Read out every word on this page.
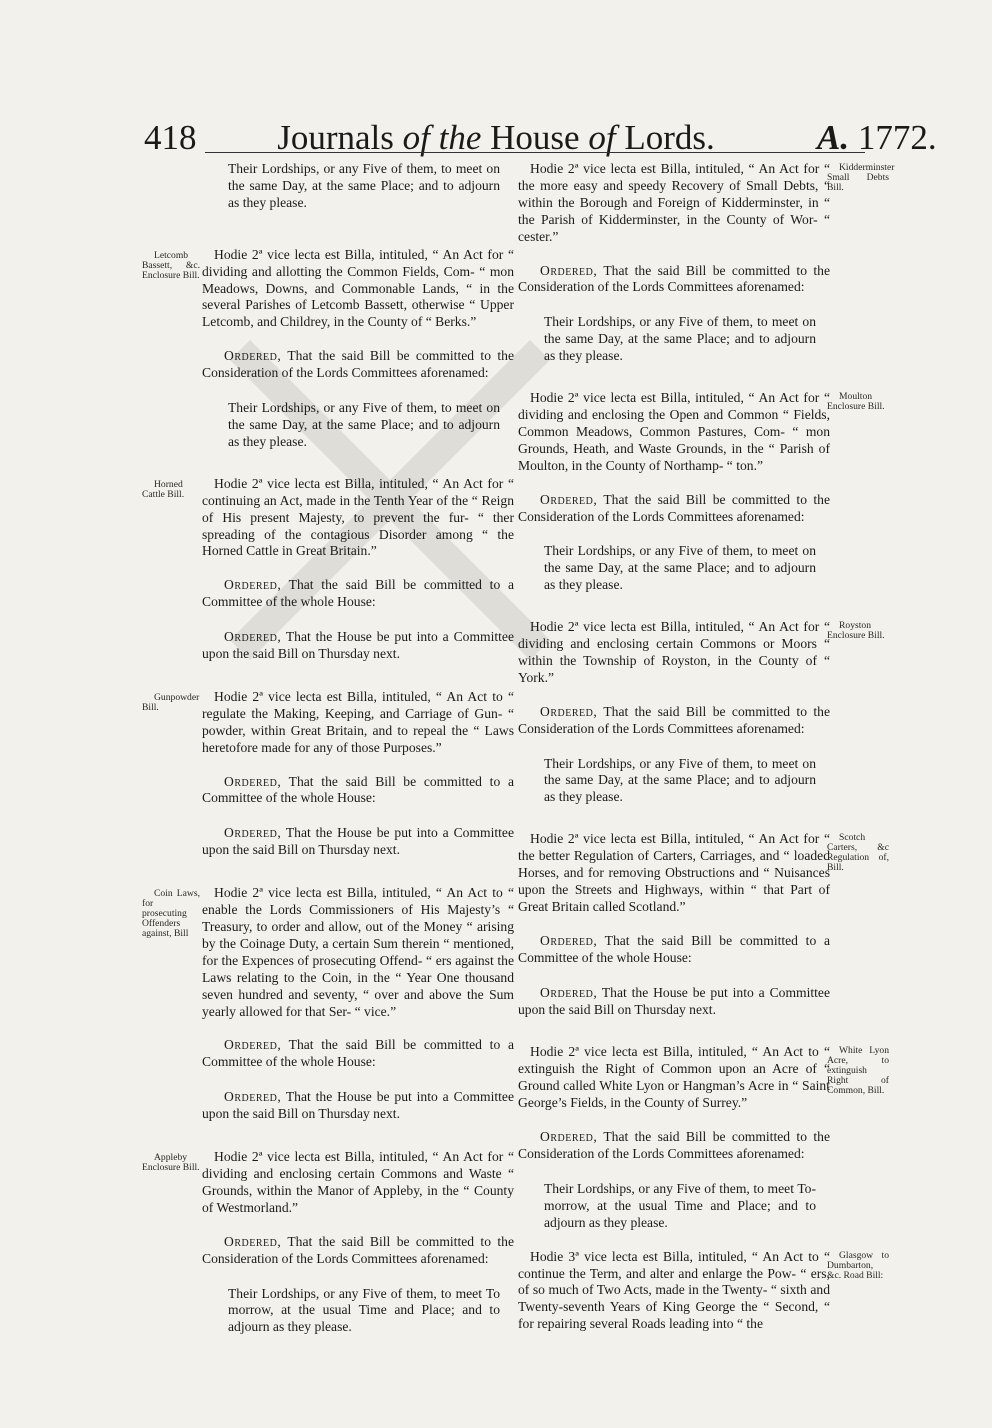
418	Journals of the House of Lords.	A. 1772.

Their Lordships, or any Five of them, to meet on the same Day, at the same Place; and to adjourn as they please.

Letcomb Bassett, &c. Enclosure Bill.
Hodie 2ª vice lecta est Billa, intituled, “ An Act for “ dividing and allotting the Common Fields, Com- “ mon Meadows, Downs, and Commonable Lands, “ in the several Parishes of Letcomb Bassett, otherwise “ Upper Letcomb, and Childrey, in the County of “ Berks.”

Ordered, That the said Bill be committed to the Consideration of the Lords Committees aforenamed:

Their Lordships, or any Five of them, to meet on the same Day, at the same Place; and to adjourn as they please.

Horned Cattle Bill.
Hodie 2ª vice lecta est Billa, intituled, “ An Act for “ continuing an Act, made in the Tenth Year of the “ Reign of His present Majesty, to prevent the fur- “ ther spreading of the contagious Disorder among “ the Horned Cattle in Great Britain.”

Ordered, That the said Bill be committed to a Committee of the whole House:

Ordered, That the House be put into a Committee upon the said Bill on Thursday next.

Gunpowder Bill.
Hodie 2ª vice lecta est Billa, intituled, “ An Act to “ regulate the Making, Keeping, and Carriage of Gun- “ powder, within Great Britain, and to repeal the “ Laws heretofore made for any of those Purposes.”

Ordered, That the said Bill be committed to a Committee of the whole House:

Ordered, That the House be put into a Committee upon the said Bill on Thursday next.

Coin Laws, for prosecuting Offenders against, Bill
Hodie 2ª vice lecta est Billa, intituled, “ An Act to “ enable the Lords Commissioners of His Majesty’s “ Treasury, to order and allow, out of the Money “ arising by the Coinage Duty, a certain Sum therein “ mentioned, for the Expences of prosecuting Offend- “ ers against the Laws relating to the Coin, in the “ Year One thousand seven hundred and seventy, “ over and above the Sum yearly allowed for that Ser- “ vice.”

Ordered, That the said Bill be committed to a Committee of the whole House:

Ordered, That the House be put into a Committee upon the said Bill on Thursday next.

Appleby Enclosure Bill.
Hodie 2ª vice lecta est Billa, intituled, “ An Act for “ dividing and enclosing certain Commons and Waste “ Grounds, within the Manor of Appleby, in the “ County of Westmorland.”

Ordered, That the said Bill be committed to the Consideration of the Lords Committees aforenamed:

Their Lordships, or any Five of them, to meet To morrow, at the usual Time and Place; and to adjourn as they please.

Kidderminster Small Debts Bill.
Hodie 2ª vice lecta est Billa, intituled, “ An Act for “ the more easy and speedy Recovery of Small Debts, “ within the Borough and Foreign of Kidderminster, in “ the Parish of Kidderminster, in the County of Wor- “ cester.”

Ordered, That the said Bill be committed to the Consideration of the Lords Committees aforenamed:

Their Lordships, or any Five of them, to meet on the same Day, at the same Place; and to adjourn as they please.

Moulton Enclosure Bill.
Hodie 2ª vice lecta est Billa, intituled, “ An Act for “ dividing and enclosing the Open and Common “ Fields, Common Meadows, Common Pastures, Com- “ mon Grounds, Heath, and Waste Grounds, in the “ Parish of Moulton, in the County of Northamp- “ ton.”

Ordered, That the said Bill be committed to the Consideration of the Lords Committees aforenamed:

Their Lordships, or any Five of them, to meet on the same Day, at the same Place; and to adjourn as they please.

Royston Enclosure Bill.
Hodie 2ª vice lecta est Billa, intituled, “ An Act for “ dividing and enclosing certain Commons or Moors “ within the Township of Royston, in the County of “ York.”

Ordered, That the said Bill be committed to the Consideration of the Lords Committees aforenamed:

Their Lordships, or any Five of them, to meet on the same Day, at the same Place; and to adjourn as they please.

Scotch Carters, &c Regulation of, Bill.
Hodie 2ª vice lecta est Billa, intituled, “ An Act for “ the better Regulation of Carters, Carriages, and “ loaded Horses, and for removing Obstructions and “ Nuisances upon the Streets and Highways, within “ that Part of Great Britain called Scotland.”

Ordered, That the said Bill be committed to a Committee of the whole House:

Ordered, That the House be put into a Committee upon the said Bill on Thursday next.

White Lyon Acre, to extinguish Right of Common, Bill.
Hodie 2ª vice lecta est Billa, intituled, “ An Act to “ extinguish the Right of Common upon an Acre of “ Ground called White Lyon or Hangman’s Acre in “ Saint George’s Fields, in the County of Surrey.”

Ordered, That the said Bill be committed to the Consideration of the Lords Committees aforenamed:

Their Lordships, or any Five of them, to meet To-morrow, at the usual Time and Place; and to adjourn as they please.

Glasgow to Dumbarton, &c. Road Bill:
Hodie 3ª vice lecta est Billa, intituled, “ An Act to “ continue the Term, and alter and enlarge the Pow- “ ers, of so much of Two Acts, made in the Twenty- “ sixth and Twenty-seventh Years of King George the “ Second, “ for repairing several Roads leading into “ the
